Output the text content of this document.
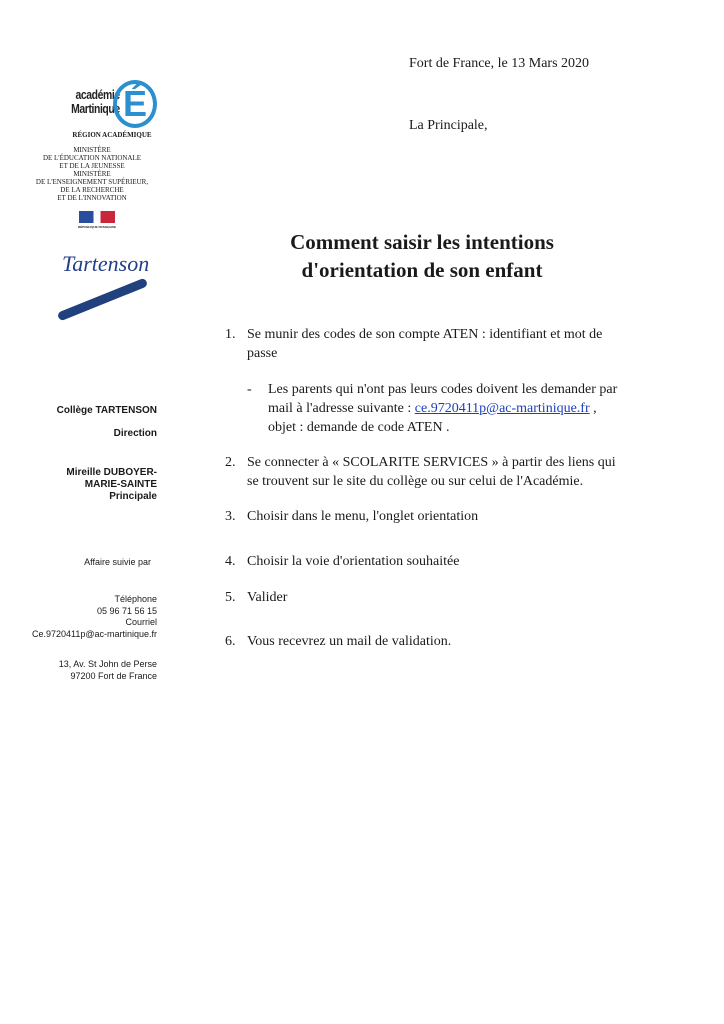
académie
Martinique É
RÉGION ACADÉMIQUE
MINISTÈRE
DE L'ÉDUCATION NATIONALE
ET DE LA JEUNESSE
MINISTÈRE
DE L'ENSEIGNEMENT SUPÉRIEUR,
DE LA RECHERCHE
ET DE L'INNOVATION
RÉPUBLIQUE FRANÇAISE
Tartenson
Collège TARTENSON
Direction
Mireille DUBOYER-
MARIE-SAINTE
Principale
Affaire suivie par
Téléphone
05 96 71 56 15
Courriel
Ce.9720411p@ac-martinique.fr
13, Av. St John de Perse
97200 Fort de France
Fort de France, le 13 Mars 2020
La Principale,
Comment saisir les intentions
d'orientation de son enfant
1. Se munir des codes de son compte ATEN : identifiant et mot de
passe
- Les parents qui n'ont pas leurs codes doivent les demander par
mail à l'adresse suivante : ce.9720411p@ac-martinique.fr ,
objet : demande de code ATEN .
2. Se connecter à « SCOLARITE SERVICES » à partir des liens qui
se trouvent sur le site du collège ou sur celui de l'Académie.
3. Choisir dans le menu, l'onglet orientation
4. Choisir la voie d'orientation souhaitée
5. Valider
6. Vous recevrez un mail de validation.
